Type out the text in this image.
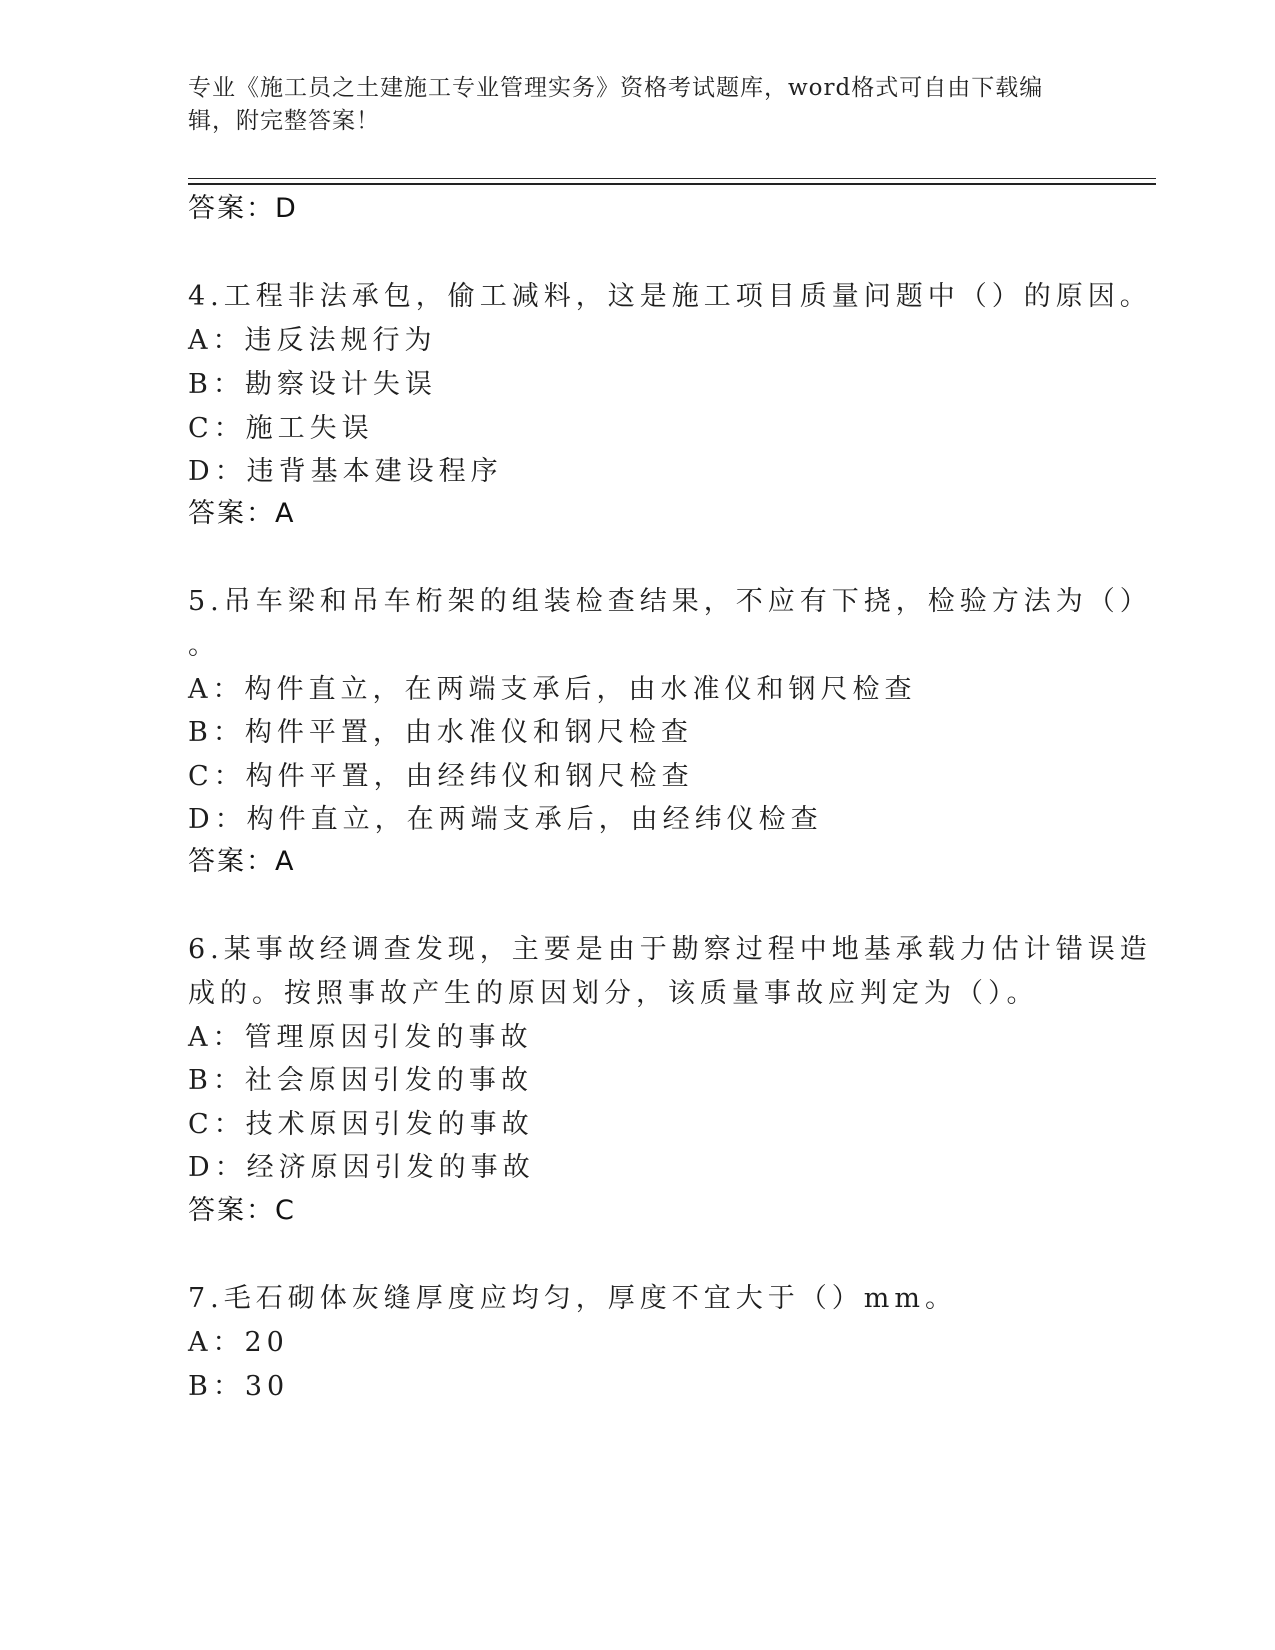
专业《施工员之土建施工专业管理实务》资格考试题库，word格式可自由下载编
辑，附完整答案！
答案：D
4.工程非法承包，偷工减料，这是施工项目质量问题中（）的原因。
A：违反法规行为
B：勘察设计失误
C：施工失误
D：违背基本建设程序
答案：A
5.吊车梁和吊车桁架的组装检查结果，不应有下挠，检验方法为（）
。
A：构件直立，在两端支承后，由水准仪和钢尺检查
B：构件平置，由水准仪和钢尺检查
C：构件平置，由经纬仪和钢尺检查
D：构件直立，在两端支承后，由经纬仪检查
答案：A
6.某事故经调查发现，主要是由于勘察过程中地基承载力估计错误造
成的。按照事故产生的原因划分，该质量事故应判定为（）。
A：管理原因引发的事故
B：社会原因引发的事故
C：技术原因引发的事故
D：经济原因引发的事故
答案：C
7.毛石砌体灰缝厚度应均匀，厚度不宜大于（）mm。
A：20
B：30
